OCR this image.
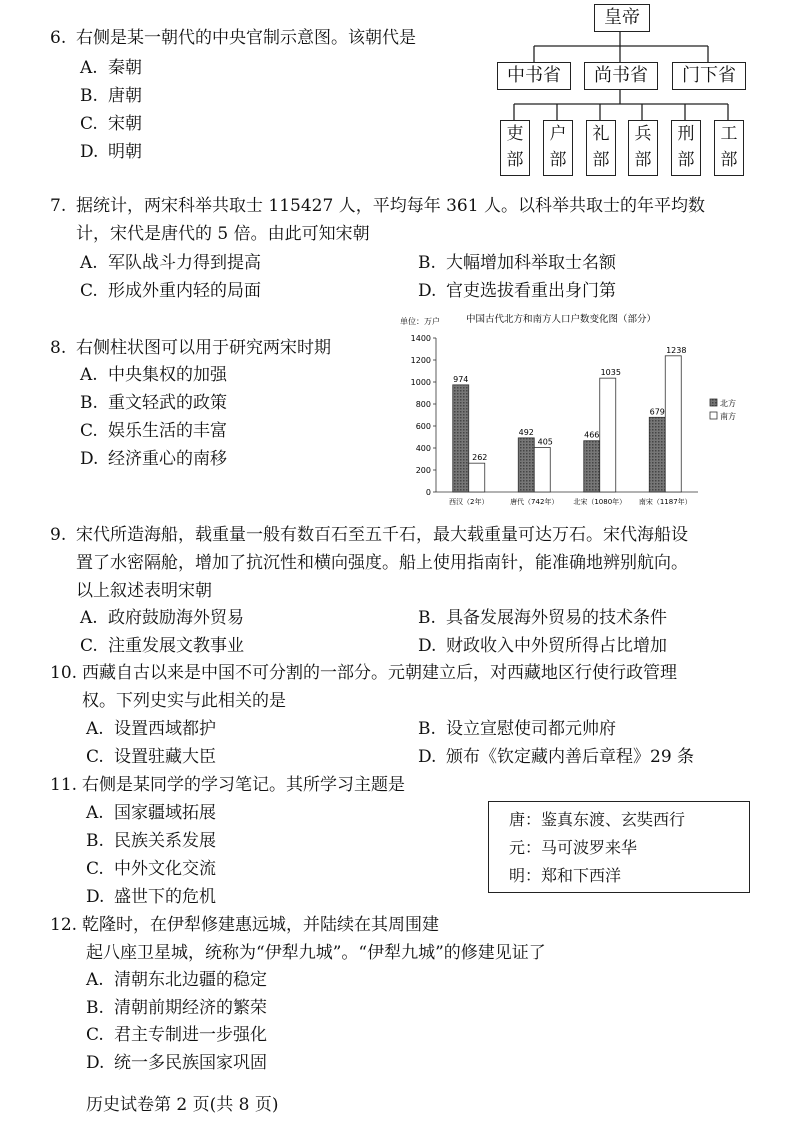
6. 右侧是某一朝代的中央官制示意图。该朝代是
A. 秦朝
B. 唐朝
C. 宋朝
D. 明朝
皇帝
中书省	尚书省	门下省
吏
部
户
部
礼
部
兵
部
刑
部
工
部
7. 据统计，两宋科举共取士 115427 人，平均每年 361 人。以科举共取士的年平均数
计，宋代是唐代的 5 倍。由此可知宋朝
A. 军队战斗力得到提高	B. 大幅增加科举取士名额
C. 形成外重内轻的局面	D. 官吏选拔看重出身门第
8. 右侧柱状图可以用于研究两宋时期
A. 中央集权的加强
B. 重文轻武的政策
C. 娱乐生活的丰富
D. 经济重心的南移
单位：万户	中国古代北方和南方人口户数变化图（部分）
0
200
400
600
800
1000
1200
1400
974
262
西汉（2年）
492
405
唐代（742年）
466
1035
北宋（1080年）
679
1238
南宋（1187年）
北方
南方
9. 宋代所造海船，载重量一般有数百石至五千石，最大载重量可达万石。宋代海船设
置了水密隔舱，增加了抗沉性和横向强度。船上使用指南针，能准确地辨别航向。
以上叙述表明宋朝
A. 政府鼓励海外贸易	B. 具备发展海外贸易的技术条件
C. 注重发展文教事业	D. 财政收入中外贸所得占比增加
10. 西藏自古以来是中国不可分割的一部分。元朝建立后，对西藏地区行使行政管理
权。下列史实与此相关的是
A. 设置西域都护	B. 设立宣慰使司都元帅府
C. 设置驻藏大臣	D. 颁布《钦定藏内善后章程》29 条
11. 右侧是某同学的学习笔记。其所学习主题是
A. 国家疆域拓展
B. 民族关系发展
C. 中外文化交流
D. 盛世下的危机
唐：鉴真东渡、玄奘西行
元：马可波罗来华
明：郑和下西洋
12. 乾隆时，在伊犁修建惠远城，并陆续在其周围建
起八座卫星城，统称为“伊犁九城”。“伊犁九城”的修建见证了
A. 清朝东北边疆的稳定
B. 清朝前期经济的繁荣
C. 君主专制进一步强化
D. 统一多民族国家巩固
历史试卷第 2 页(共 8 页)
